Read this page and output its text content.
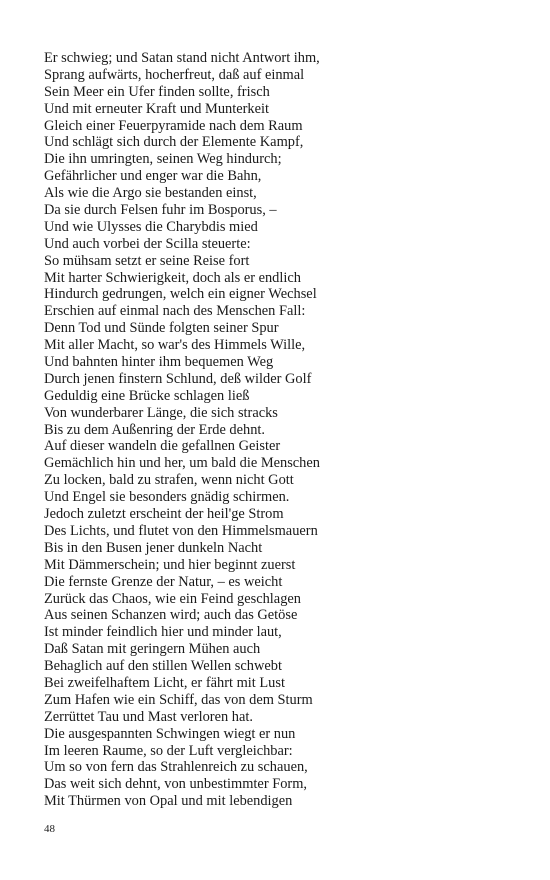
Er schwieg; und Satan stand nicht Antwort ihm,
Sprang aufwärts, hocherfreut, daß auf einmal
Sein Meer ein Ufer finden sollte, frisch
Und mit erneuter Kraft und Munterkeit
Gleich einer Feuerpyramide nach dem Raum
Und schlägt sich durch der Elemente Kampf,
Die ihn umringten, seinen Weg hindurch;
Gefährlicher und enger war die Bahn,
Als wie die Argo sie bestanden einst,
Da sie durch Felsen fuhr im Bosporus, –
Und wie Ulysses die Charybdis mied
Und auch vorbei der Scilla steuerte:
So mühsam setzt er seine Reise fort
Mit harter Schwierigkeit, doch als er endlich
Hindurch gedrungen, welch ein eigner Wechsel
Erschien auf einmal nach des Menschen Fall:
Denn Tod und Sünde folgten seiner Spur
Mit aller Macht, so war's des Himmels Wille,
Und bahnten hinter ihm bequemen Weg
Durch jenen finstern Schlund, deß wilder Golf
Geduldig eine Brücke schlagen ließ
Von wunderbarer Länge, die sich stracks
Bis zu dem Außenring der Erde dehnt.
Auf dieser wandeln die gefallnen Geister
Gemächlich hin und her, um bald die Menschen
Zu locken, bald zu strafen, wenn nicht Gott
Und Engel sie besonders gnädig schirmen.
Jedoch zuletzt erscheint der heil'ge Strom
Des Lichts, und flutet von den Himmelsmauern
Bis in den Busen jener dunkeln Nacht
Mit Dämmerschein; und hier beginnt zuerst
Die fernste Grenze der Natur, – es weicht
Zurück das Chaos, wie ein Feind geschlagen
Aus seinen Schanzen wird; auch das Getöse
Ist minder feindlich hier und minder laut,
Daß Satan mit geringern Mühen auch
Behaglich auf den stillen Wellen schwebt
Bei zweifelhaftem Licht, er fährt mit Lust
Zum Hafen wie ein Schiff, das von dem Sturm
Zerrüttet Tau und Mast verloren hat.
Die ausgespannten Schwingen wiegt er nun
Im leeren Raume, so der Luft vergleichbar:
Um so von fern das Strahlenreich zu schauen,
Das weit sich dehnt, von unbestimmter Form,
Mit Thürmen von Opal und mit lebendigen
48
